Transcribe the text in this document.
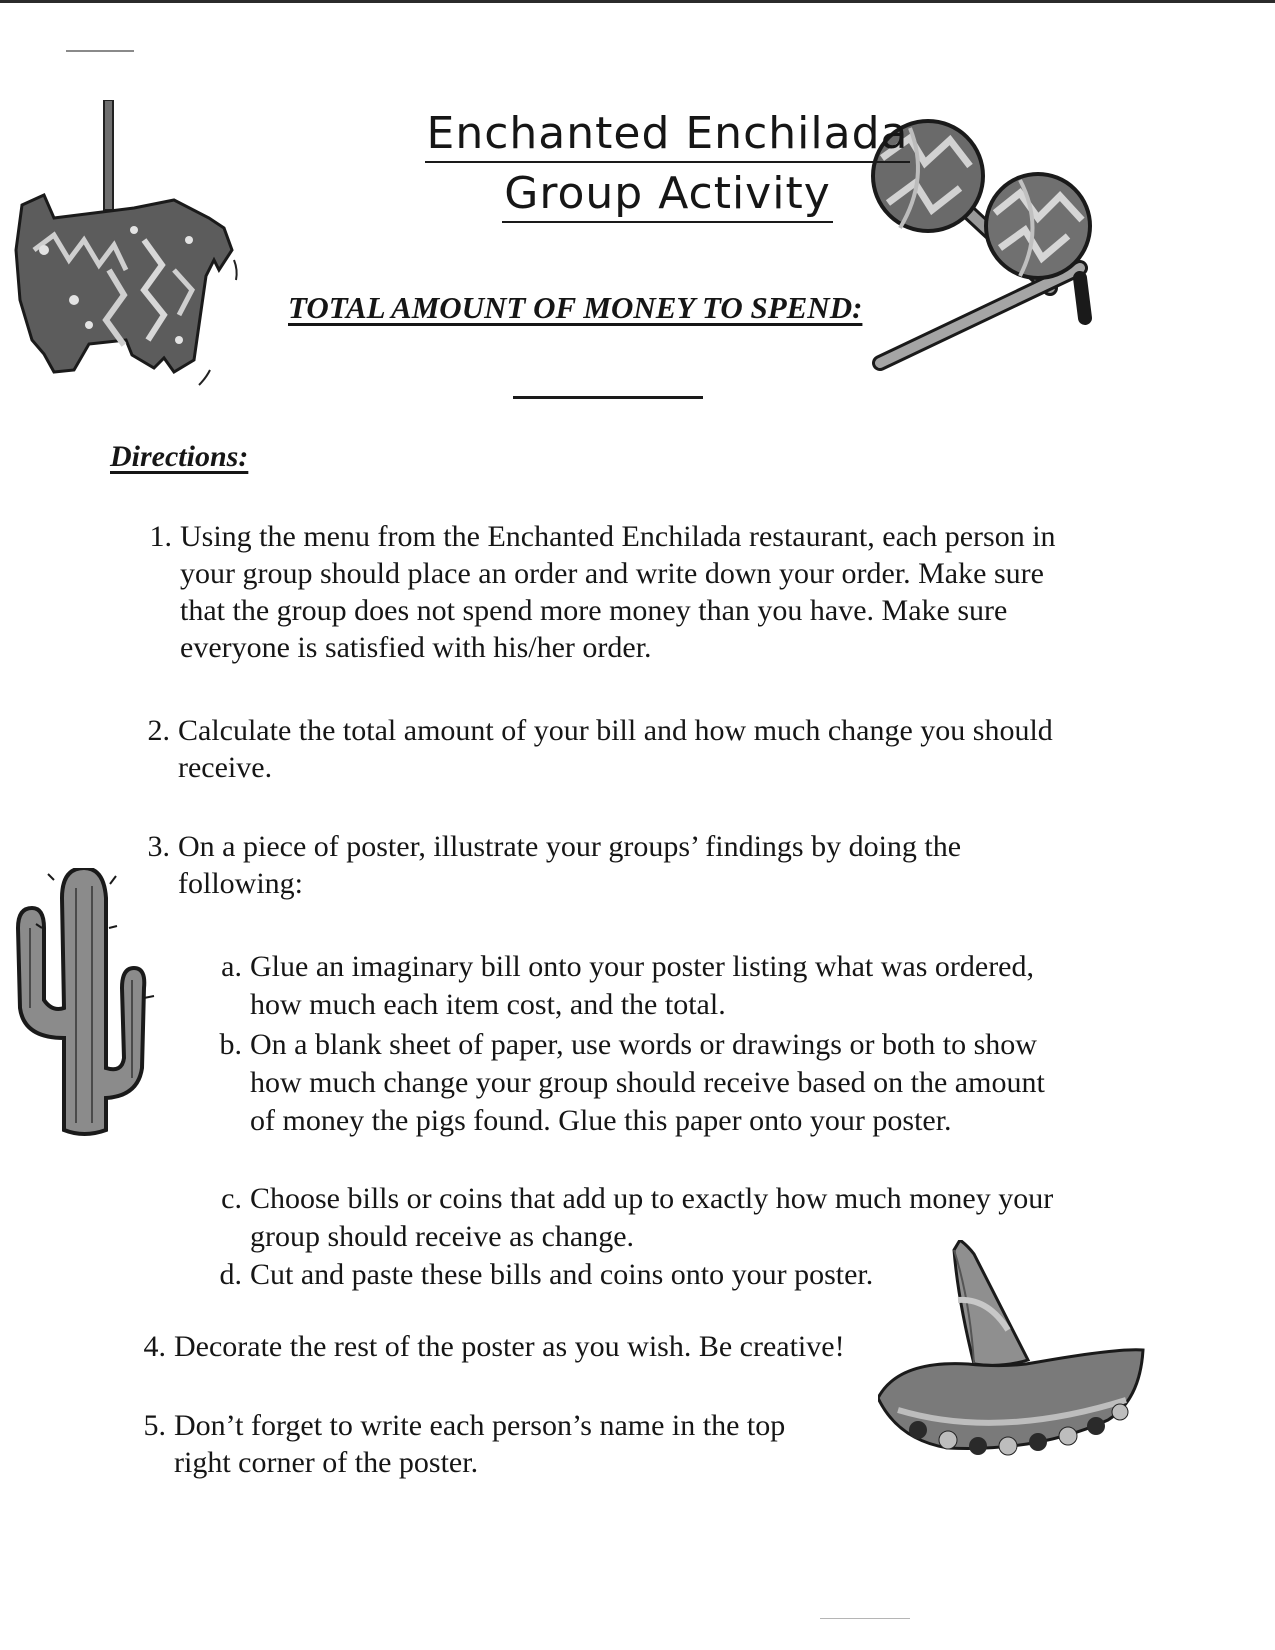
Enchanted Enchilada
Group Activity
TOTAL AMOUNT OF MONEY TO SPEND:
Directions:
1. Using the menu from the Enchanted Enchilada restaurant, each person in your group should place an order and write down your order. Make sure that the group does not spend more money than you have. Make sure everyone is satisfied with his/her order.
2. Calculate the total amount of your bill and how much change you should receive.
3. On a piece of poster, illustrate your groups’ findings by doing the following:
a. Glue an imaginary bill onto your poster listing what was ordered, how much each item cost, and the total.
b. On a blank sheet of paper, use words or drawings or both to show how much change your group should receive based on the amount of money the pigs found. Glue this paper onto your poster.
c. Choose bills or coins that add up to exactly how much money your group should receive as change.
d. Cut and paste these bills and coins onto your poster.
4. Decorate the rest of the poster as you wish. Be creative!
5. Don’t forget to write each person’s name in the top right corner of the poster.
